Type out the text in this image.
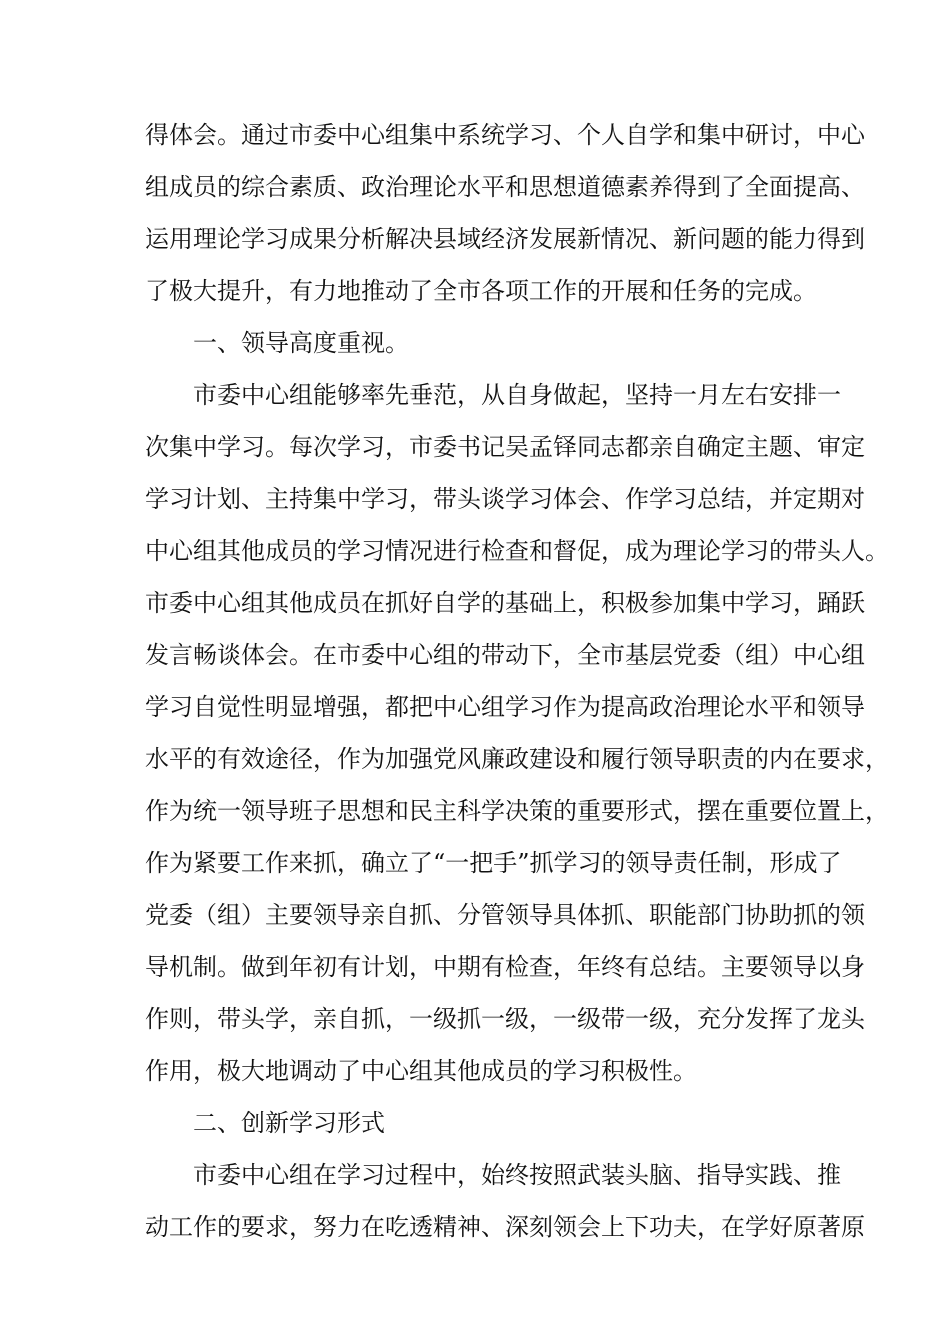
得体会。通过市委中心组集中系统学习、个人自学和集中研讨，中心
组成员的综合素质、政治理论水平和思想道德素养得到了全面提高、
运用理论学习成果分析解决县域经济发展新情况、新问题的能力得到
了极大提升，有力地推动了全市各项工作的开展和任务的完成。
一、领导高度重视。
市委中心组能够率先垂范，从自身做起，坚持一月左右安排一
次集中学习。每次学习，市委书记吴孟铎同志都亲自确定主题、审定
学习计划、主持集中学习，带头谈学习体会、作学习总结，并定期对
中心组其他成员的学习情况进行检查和督促，成为理论学习的带头人。
市委中心组其他成员在抓好自学的基础上，积极参加集中学习，踊跃
发言畅谈体会。在市委中心组的带动下，全市基层党委（组）中心组
学习自觉性明显增强，都把中心组学习作为提高政治理论水平和领导
水平的有效途径，作为加强党风廉政建设和履行领导职责的内在要求，
作为统一领导班子思想和民主科学决策的重要形式，摆在重要位置上，
作为紧要工作来抓，确立了“一把手”抓学习的领导责任制，形成了
党委（组）主要领导亲自抓、分管领导具体抓、职能部门协助抓的领
导机制。做到年初有计划，中期有检查，年终有总结。主要领导以身
作则，带头学，亲自抓，一级抓一级，一级带一级，充分发挥了龙头
作用，极大地调动了中心组其他成员的学习积极性。
二、创新学习形式
市委中心组在学习过程中，始终按照武装头脑、指导实践、推
动工作的要求，努力在吃透精神、深刻领会上下功夫，在学好原著原
